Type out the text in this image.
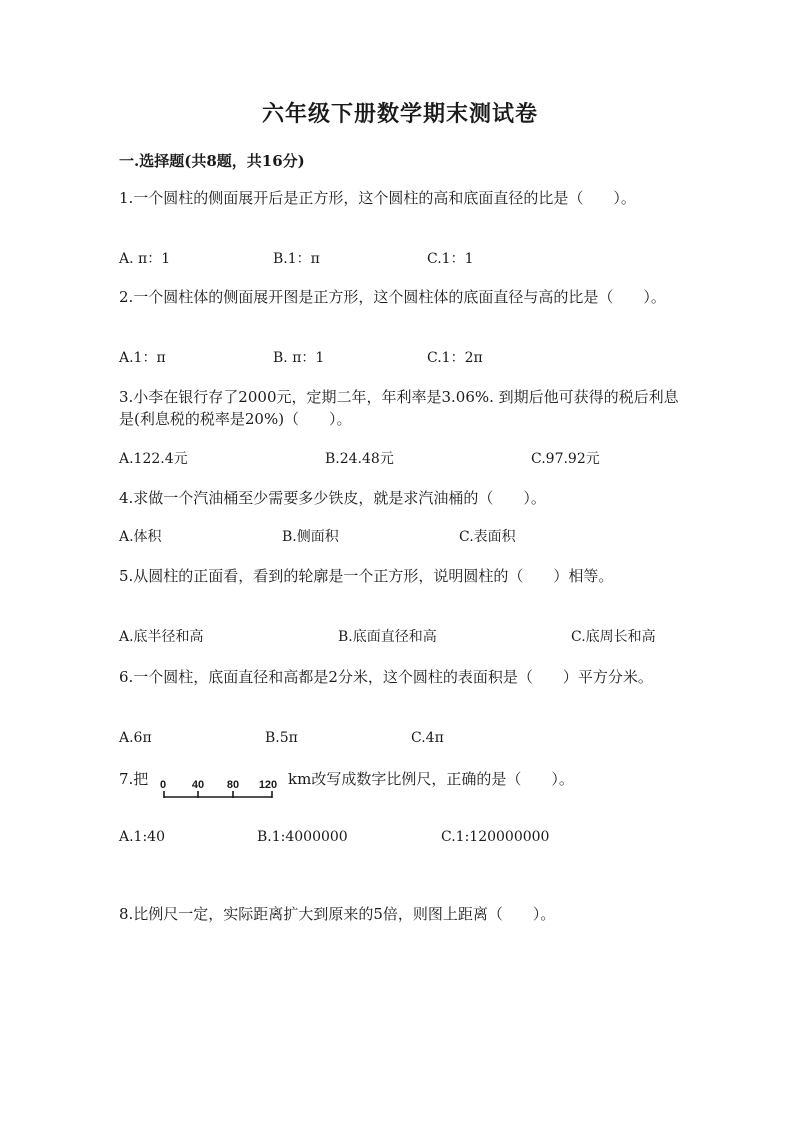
六年级下册数学期末测试卷
一.选择题(共8题，共16分)
1.一个圆柱的侧面展开后是正方形，这个圆柱的高和底面直径的比是（　　）。
A. π：1	B.1：π	C.1：1
2.一个圆柱体的侧面展开图是正方形，这个圆柱体的底面直径与高的比是（　　）。
A.1：π	B. π：1	C.1：2π
3.小李在银行存了2000元，定期二年，年利率是3.06%. 到期后他可获得的税后利息是(利息税的税率是20%)（　　）。
A.122.4元	B.24.48元	C.97.92元
4.求做一个汽油桶至少需要多少铁皮，就是求汽油桶的（　　）。
A.体积	B.侧面积	C.表面积
5.从圆柱的正面看，看到的轮廓是一个正方形，说明圆柱的（　　）相等。
A.底半径和高	B.底面直径和高	C.底周长和高
6.一个圆柱，底面直径和高都是2分米，这个圆柱的表面积是（　　）平方分米。
A.6π	B.5π	C.4π
7.把 0 40 80 120 km改写成数字比例尺，正确的是（　　）。
A.1:40	B.1:4000000	C.1:120000000
8.比例尺一定，实际距离扩大到原来的5倍，则图上距离（　　）。
